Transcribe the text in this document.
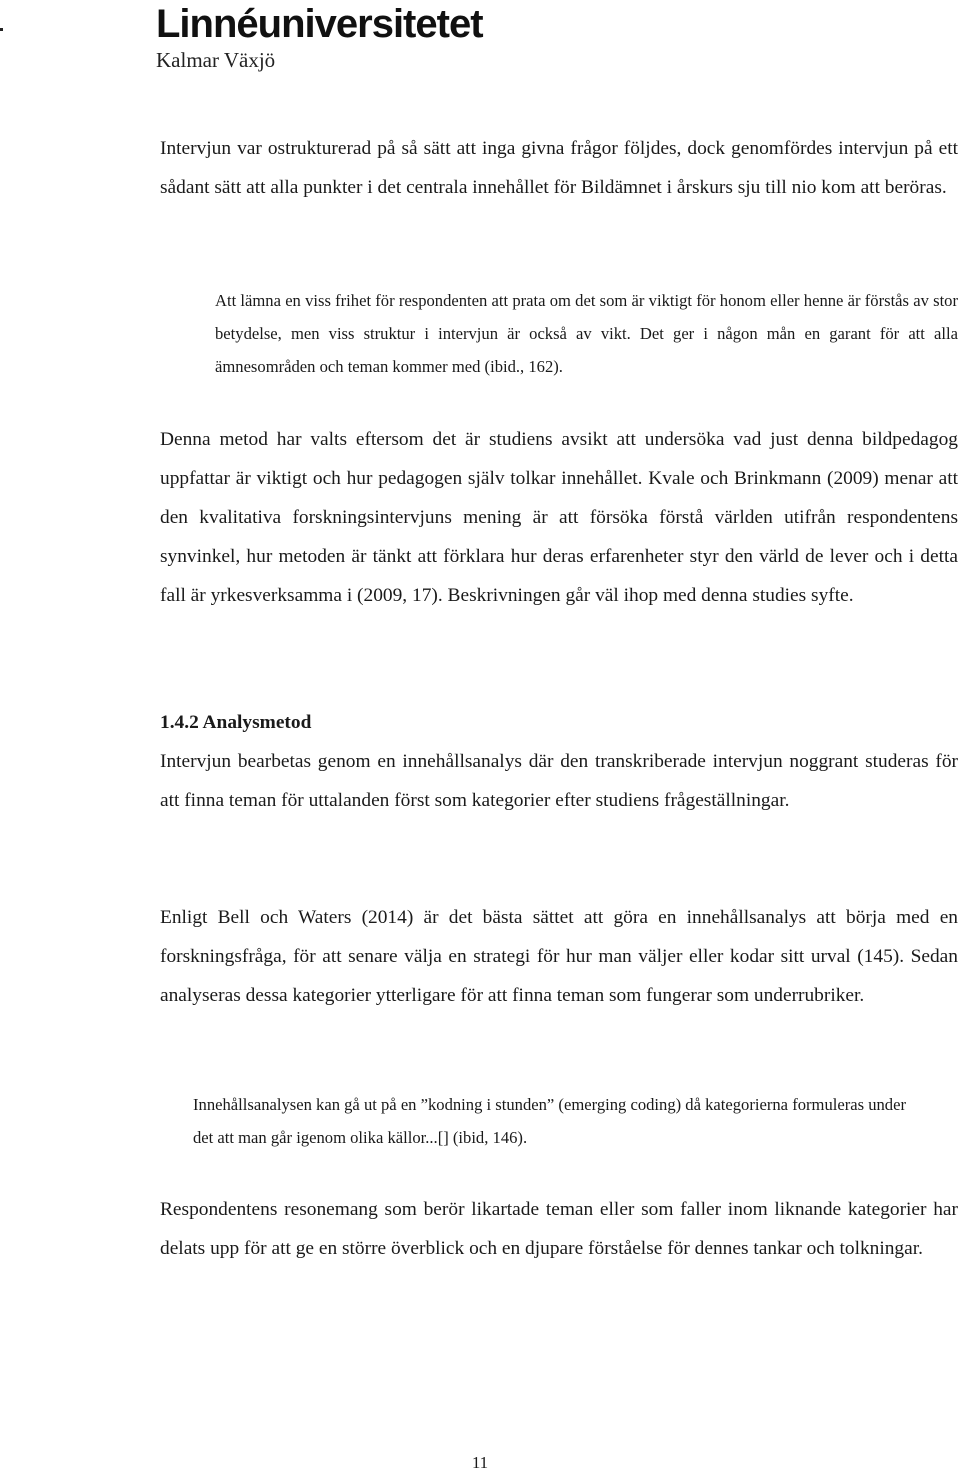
Linnéuniversitetet
Kalmar Växjö

Intervjun var ostrukturerad på så sätt att inga givna frågor följdes, dock genomfördes intervjun på ett sådant sätt att alla punkter i det centrala innehållet för Bildämnet i årskurs sju till nio kom att beröras.

Att lämna en viss frihet för respondenten att prata om det som är viktigt för honom eller henne är förstås av stor betydelse, men viss struktur i intervjun är också av vikt. Det ger i någon mån en garant för att alla ämnesområden och teman kommer med (ibid., 162).

Denna metod har valts eftersom det är studiens avsikt att undersöka vad just denna bildpedagog uppfattar är viktigt och hur pedagogen själv tolkar innehållet. Kvale och Brinkmann (2009) menar att den kvalitativa forskningsintervjuns mening är att försöka förstå världen utifrån respondentens synvinkel, hur metoden är tänkt att förklara hur deras erfarenheter styr den värld de lever och i detta fall är yrkesverksamma i (2009, 17). Beskrivningen går väl ihop med denna studies syfte.

1.4.2 Analysmetod

Intervjun bearbetas genom en innehållsanalys där den transkriberade intervjun noggrant studeras för att finna teman för uttalanden först som kategorier efter studiens frågeställningar.

Enligt Bell och Waters (2014) är det bästa sättet att göra en innehållsanalys att börja med en forskningsfråga, för att senare välja en strategi för hur man väljer eller kodar sitt urval (145). Sedan analyseras dessa kategorier ytterligare för att finna teman som fungerar som underrubriker.

Innehållsanalysen kan gå ut på en ”kodning i stunden” (emerging coding) då kategorierna formuleras under det att man går igenom olika källor...[] (ibid, 146).

Respondentens resonemang som berör likartade teman eller som faller inom liknande kategorier har delats upp för att ge en större överblick och en djupare förståelse för dennes tankar och tolkningar.

11
